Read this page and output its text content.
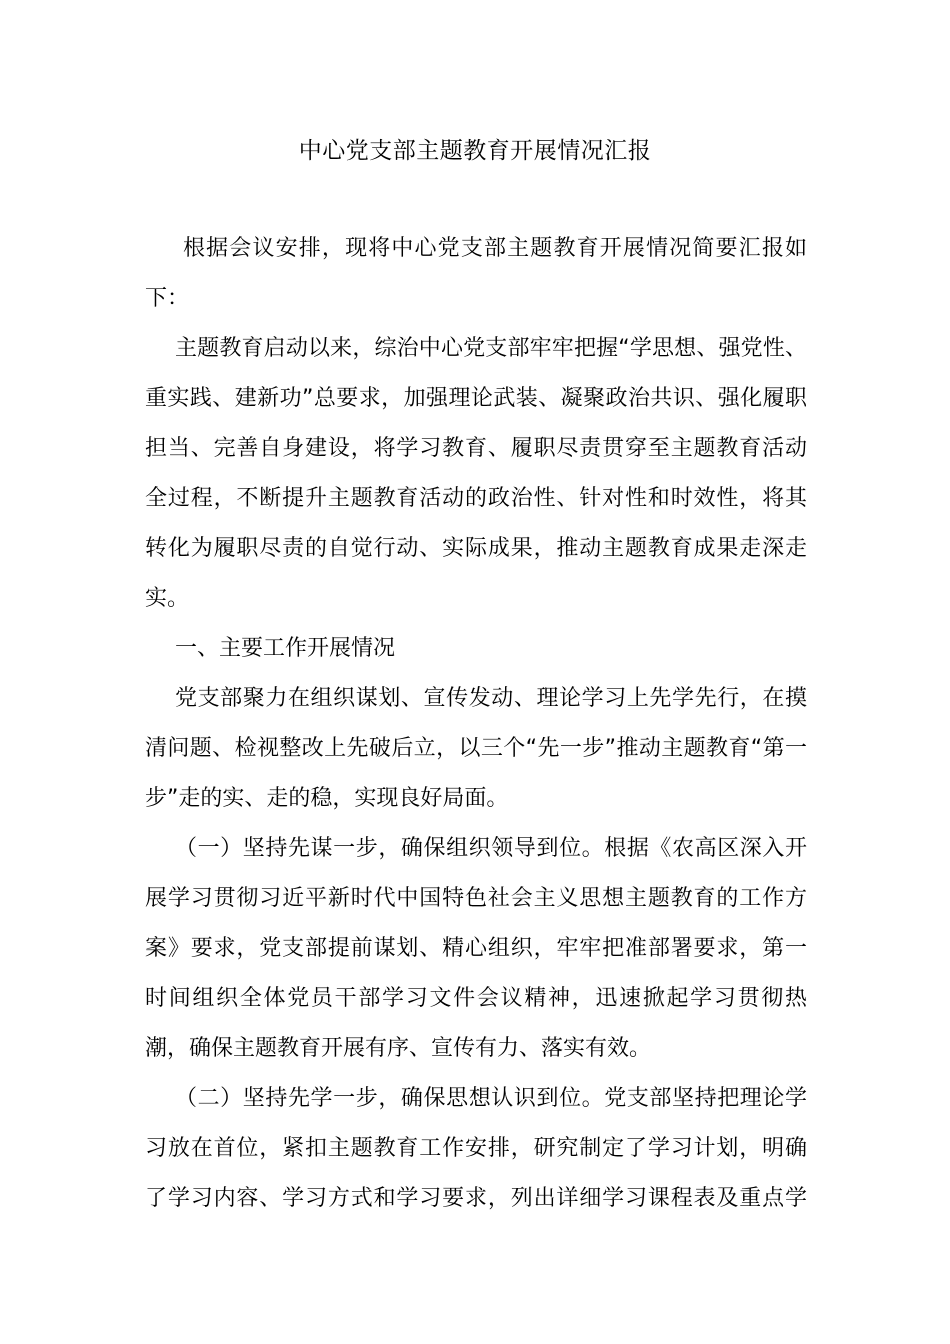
中心党支部主题教育开展情况汇报
根据会议安排，现将中心党支部主题教育开展情况简要汇报如
下：
主题教育启动以来，综治中心党支部牢牢把握“学思想、强党性、
重实践、建新功”总要求，加强理论武装、凝聚政治共识、强化履职
担当、完善自身建设，将学习教育、履职尽责贯穿至主题教育活动
全过程，不断提升主题教育活动的政治性、针对性和时效性，将其
转化为履职尽责的自觉行动、实际成果，推动主题教育成果走深走
实。
一、主要工作开展情况
党支部聚力在组织谋划、宣传发动、理论学习上先学先行，在摸
清问题、检视整改上先破后立，以三个“先一步”推动主题教育“第一
步”走的实、走的稳，实现良好局面。
（一）坚持先谋一步，确保组织领导到位。根据《农高区深入开
展学习贯彻习近平新时代中国特色社会主义思想主题教育的工作方
案》要求，党支部提前谋划、精心组织，牢牢把准部署要求，第一
时间组织全体党员干部学习文件会议精神，迅速掀起学习贯彻热
潮，确保主题教育开展有序、宣传有力、落实有效。
（二）坚持先学一步，确保思想认识到位。党支部坚持把理论学
习放在首位，紧扣主题教育工作安排，研究制定了学习计划，明确
了学习内容、学习方式和学习要求，列出详细学习课程表及重点学
